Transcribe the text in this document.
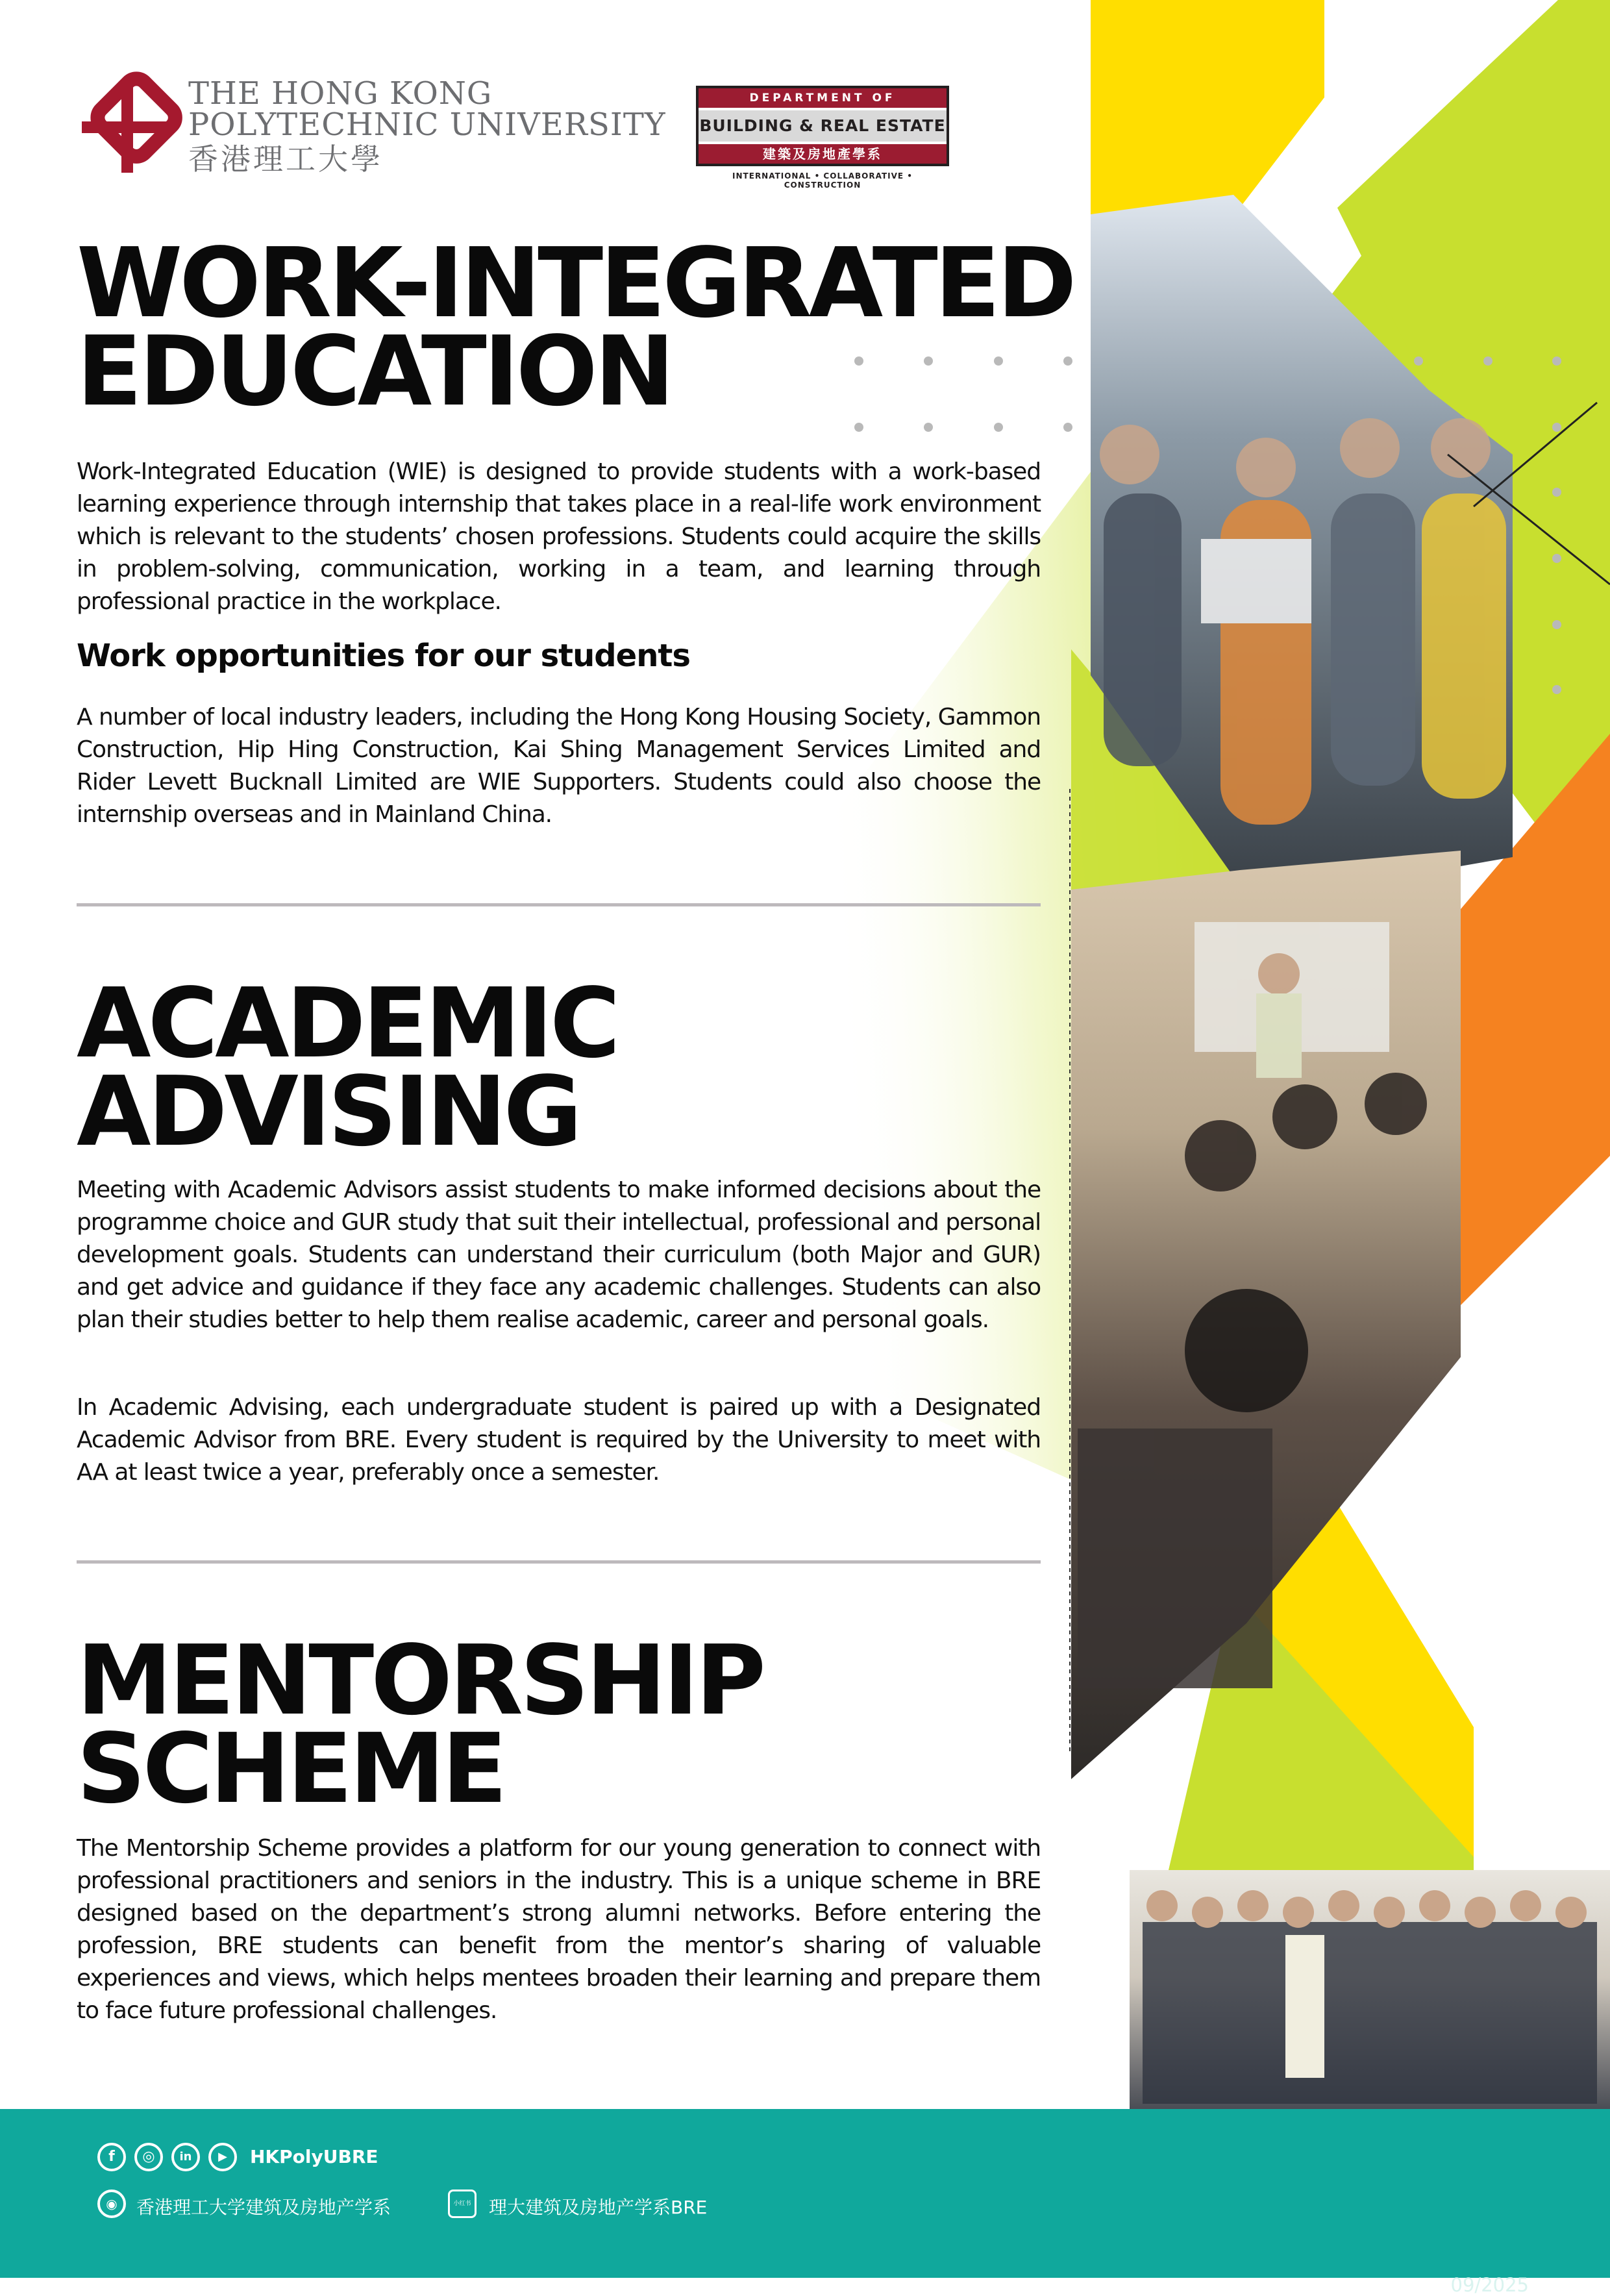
THE HONG KONG
POLYTECHNIC UNIVERSITY
香港理工大學
DEPARTMENT OF
BUILDING & REAL ESTATE
建築及房地產學系
INTERNATIONAL • COLLABORATIVE • CONSTRUCTION
WORK-INTEGRATED
EDUCATION

Work-Integrated Education (WIE) is designed to provide students with a work-based learning experience through internship that takes place in a real-life work environment which is relevant to the students’ chosen professions. Students could acquire the skills in problem-solving, communication, working in a team, and learning through professional practice in the workplace.

Work opportunities for our students

A number of local industry leaders, including the Hong Kong Housing Society, Gammon Construction, Hip Hing Construction, Kai Shing Management Services Limited and Rider Levett Bucknall Limited are WIE Supporters. Students could also choose the internship overseas and in Mainland China.

ACADEMIC
ADVISING

Meeting with Academic Advisors assist students to make informed decisions about the programme choice and GUR study that suit their intellectual, professional and personal development goals. Students can understand their curriculum (both Major and GUR) and get advice and guidance if they face any academic challenges. Students can also plan their studies better to help them realise academic, career and personal goals.

In Academic Advising, each undergraduate student is paired up with a Designated Academic Advisor from BRE. Every student is required by the University to meet with AA at least twice a year, preferably once a semester.

MENTORSHIP
SCHEME

The Mentorship Scheme provides a platform for our young generation to connect with professional practitioners and seniors in the industry. This is a unique scheme in BRE designed based on the department’s strong alumni networks. Before entering the profession, BRE students can benefit from the mentor’s sharing of valuable experiences and views, which helps mentees broaden their learning and prepare them to face future professional challenges.

f	◎	in	▶	HKPolyUBRE
◉	香港理工大学建筑及房地产学系	小红书 理大建筑及房地产学系BRE
09/2025
